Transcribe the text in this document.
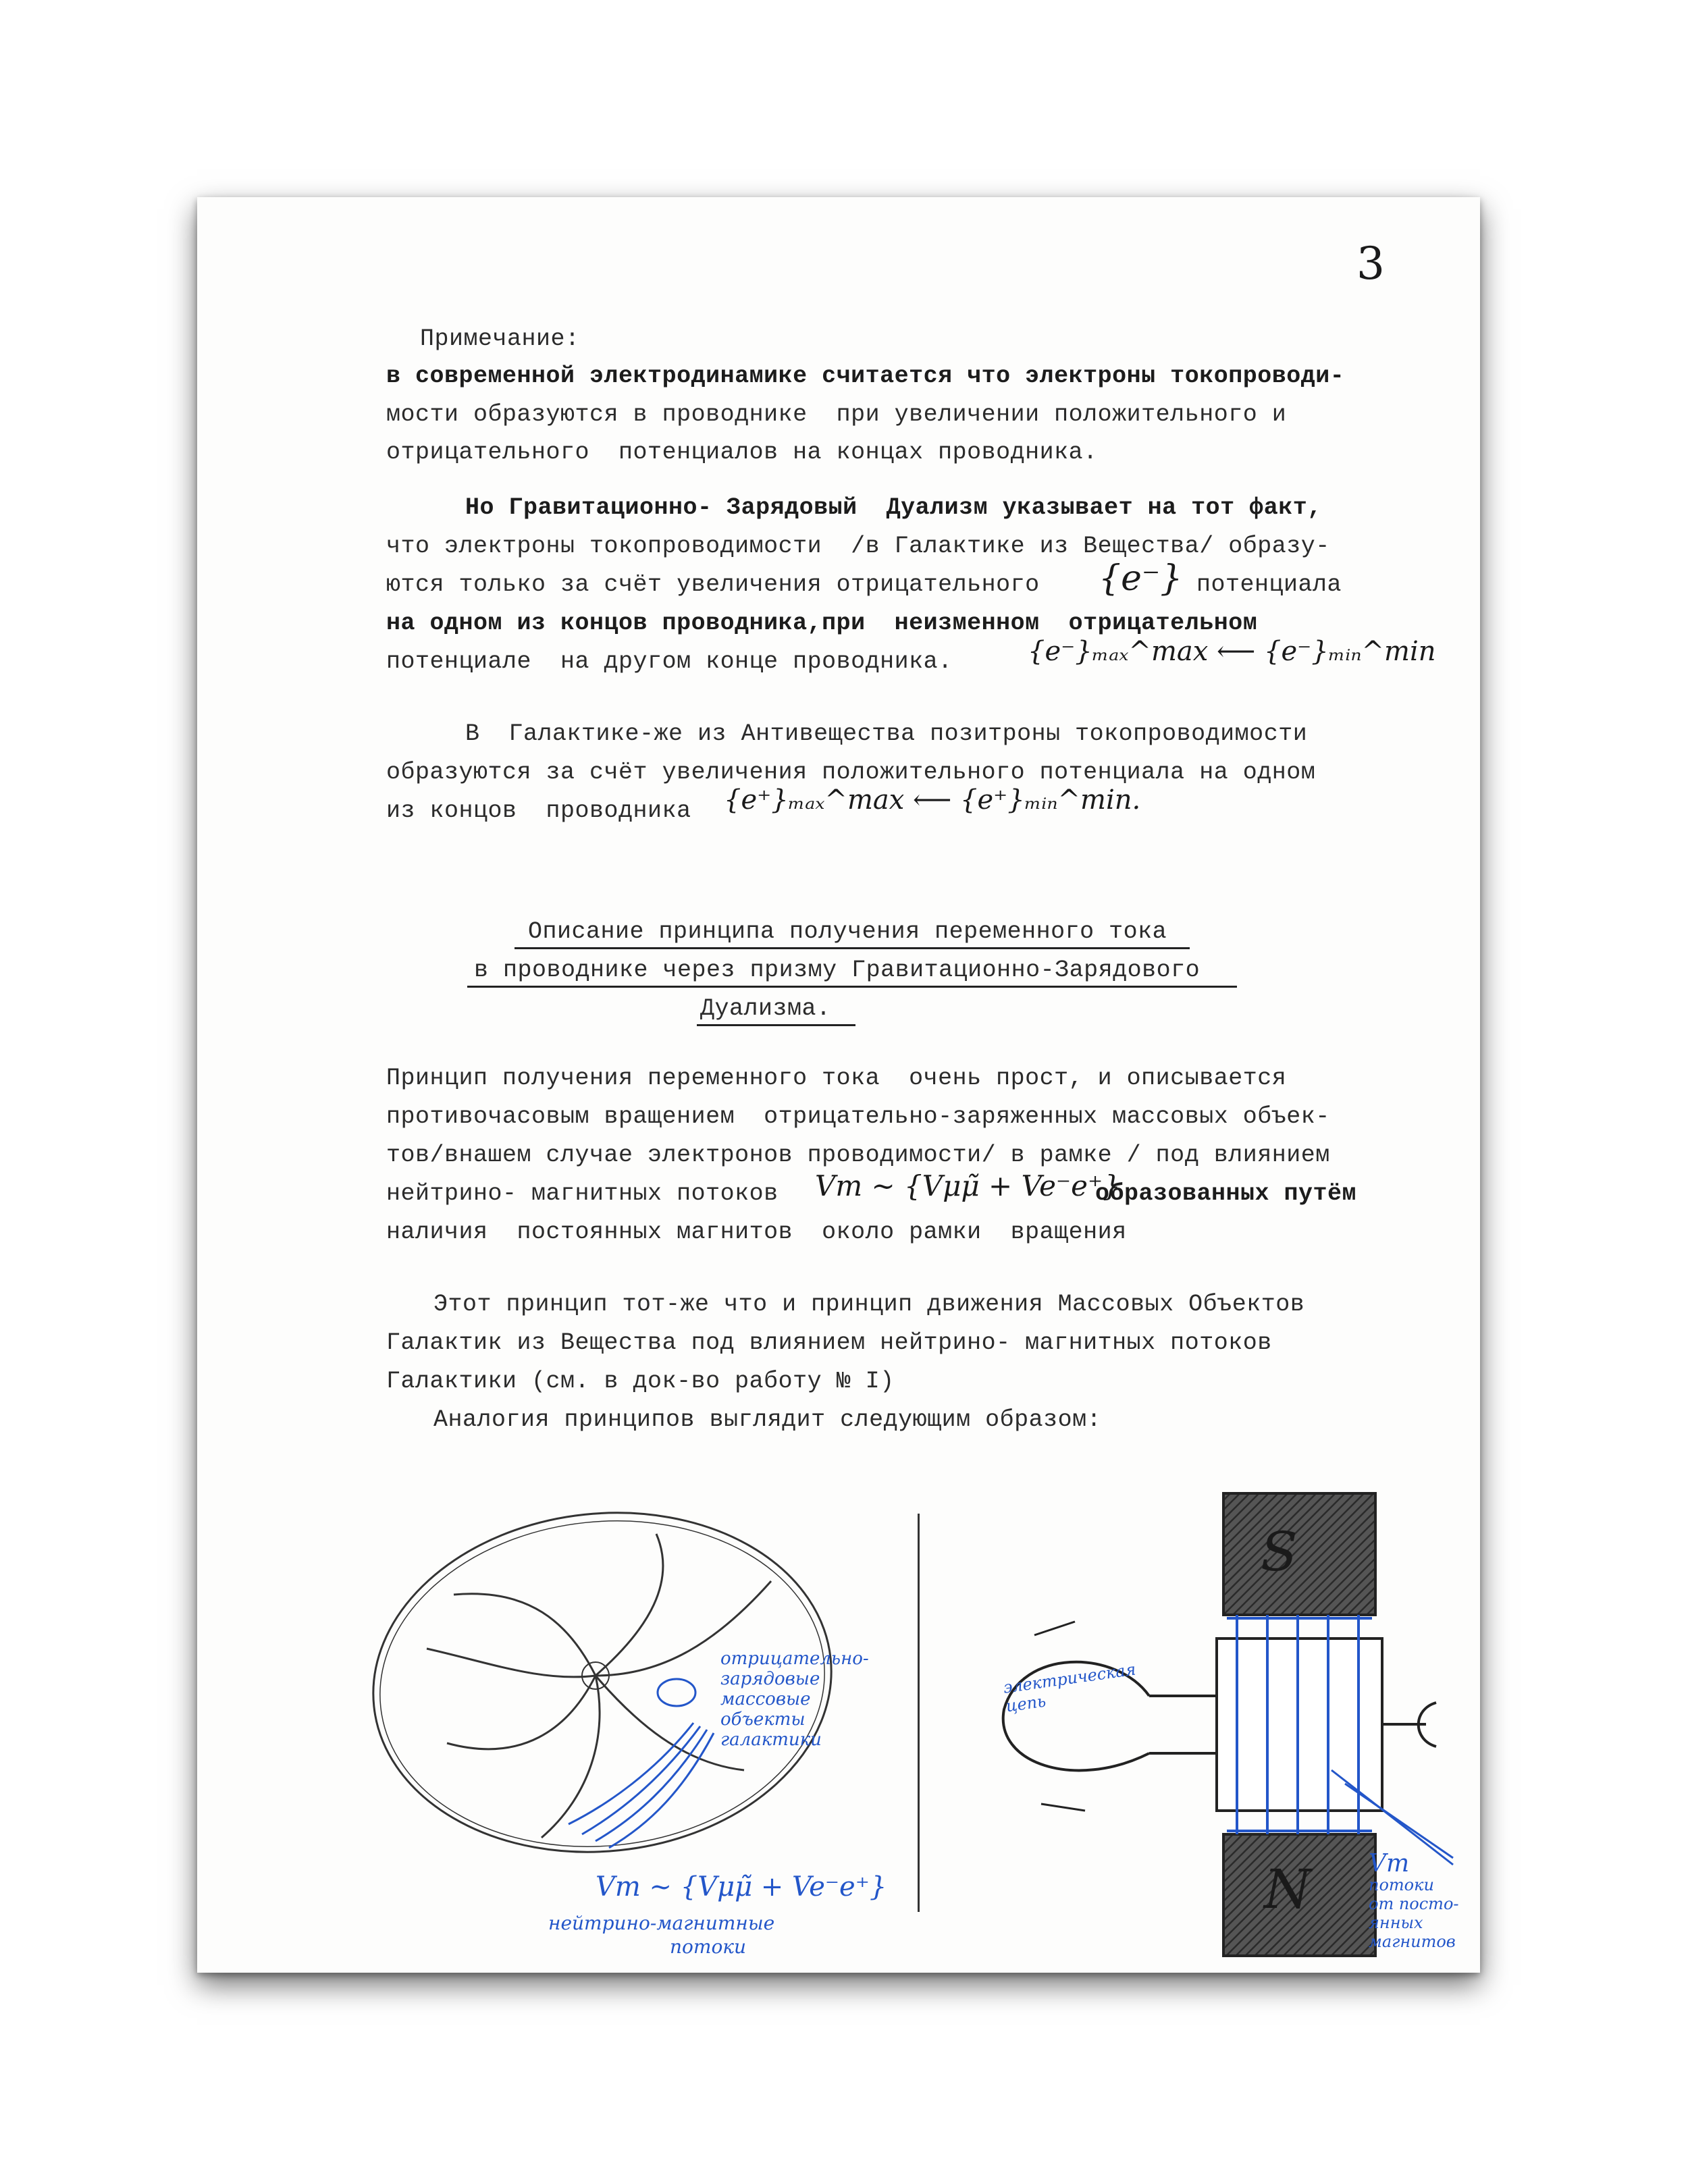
3
Примечание:
в современной электродинамике считается что электроны токопроводи-
мости образуются в проводнике  при увеличении положительного и
отрицательного  потенциалов на концах проводника.
Но Гравитационно- Зарядовый  Дуализм указывает на тот факт,
что электроны токопроводимости  /в Галактике из Вещества/ образу-
ются только за счёт увеличения отрицательного {e⁻} потенциала
на одном из концов проводника,при  неизменном  отрицательном
потенциале  на другом конце проводника.	{e⁻}ₘₐₓ^max ⟵ {e⁻}ₘᵢₙ^min
В  Галактике-же из Антивещества позитроны токопроводимости
образуются за счёт увеличения положительного потенциала на одном
из концов  проводника {e⁺}ₘₐₓ^max ⟵ {e⁺}ₘᵢₙ^min.
Описание принципа получения переменного тока
в проводнике через призму Гравитационно-Зарядового
Дуализма.
Принцип получения переменного тока  очень прост, и описывается
противочасовым вращением  отрицательно-заряженных массовых объек-
тов/внашем случае электронов проводимости/ в рамке / под влиянием
нейтрино- магнитных потоков Vm ~ {Vμμ̃ + Ve⁻e⁺}
образованных путём
наличия  постоянных магнитов  около рамки  вращения
Этот принцип тот-же что и принцип движения Массовых Объектов
Галактик из Вещества под влиянием нейтрино- магнитных потоков
Галактики (см. в док-во работу № I)
Аналогия принципов выглядит следующим образом:
отрицательно-
зарядовые
массовые
объекты
галактики
Vm ~ {Vμμ̃ + Ve⁻e⁺}
нейтрино-магнитные
потоки
S
N
электрическая
цепь
Vm
потоки
от посто-
янных
магнитов
